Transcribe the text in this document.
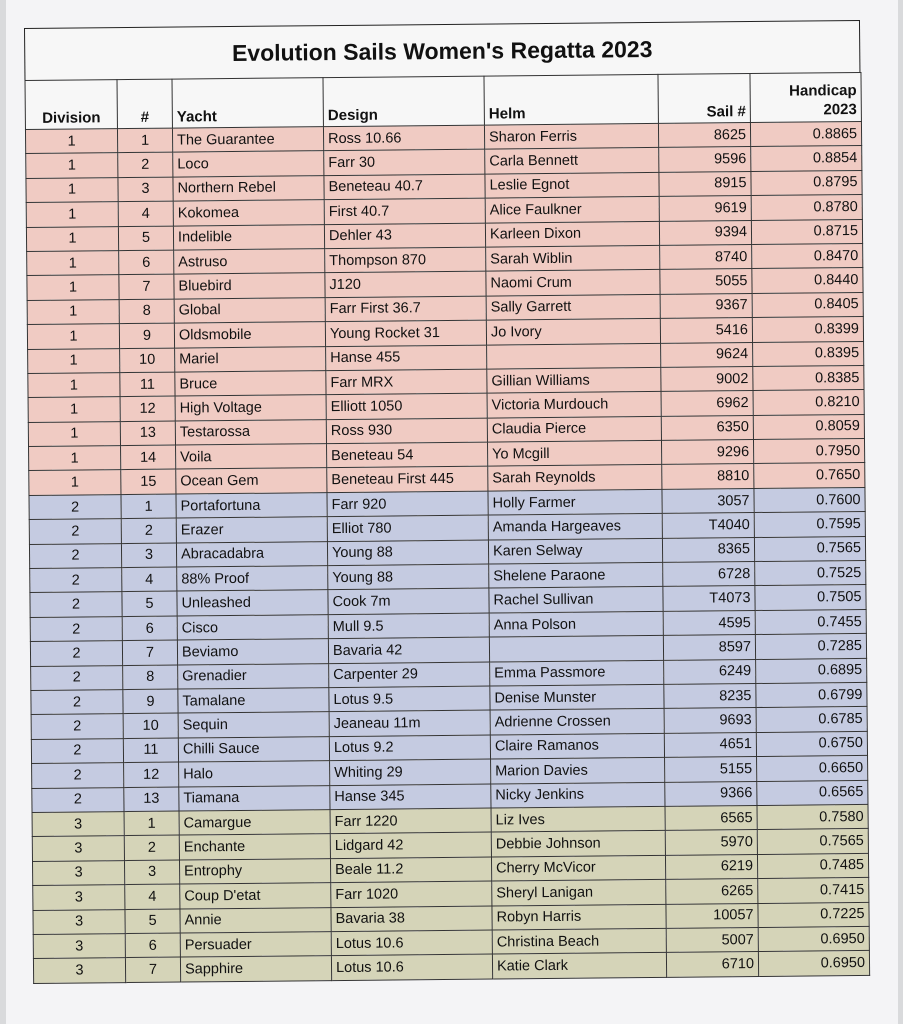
Evolution Sails Women's Regatta 2023
Division	#	Yacht	Design	Helm	Sail #	Handicap
2023
1	1	The Guarantee	Ross 10.66	Sharon Ferris	8625	0.8865
1	2	Loco	Farr 30	Carla Bennett	9596	0.8854
1	3	Northern Rebel	Beneteau 40.7	Leslie Egnot	8915	0.8795
1	4	Kokomea	First 40.7	Alice Faulkner	9619	0.8780
1	5	Indelible	Dehler 43	Karleen Dixon	9394	0.8715
1	6	Astruso	Thompson 870	Sarah Wiblin	8740	0.8470
1	7	Bluebird	J120	Naomi Crum	5055	0.8440
1	8	Global	Farr First 36.7	Sally Garrett	9367	0.8405
1	9	Oldsmobile	Young Rocket 31	Jo Ivory	5416	0.8399
1	10	Mariel	Hanse 455		9624	0.8395
1	11	Bruce	Farr MRX	Gillian Williams	9002	0.8385
1	12	High Voltage	Elliott 1050	Victoria Murdouch	6962	0.8210
1	13	Testarossa	Ross 930	Claudia Pierce	6350	0.8059
1	14	Voila	Beneteau 54	Yo Mcgill	9296	0.7950
1	15	Ocean Gem	Beneteau First 445	Sarah Reynolds	8810	0.7650
2	1	Portafortuna	Farr 920	Holly Farmer	3057	0.7600
2	2	Erazer	Elliot 780	Amanda Hargeaves	T4040	0.7595
2	3	Abracadabra	Young 88	Karen Selway	8365	0.7565
2	4	88% Proof	Young 88	Shelene Paraone	6728	0.7525
2	5	Unleashed	Cook 7m	Rachel Sullivan	T4073	0.7505
2	6	Cisco	Mull 9.5	Anna Polson	4595	0.7455
2	7	Beviamo	Bavaria 42		8597	0.7285
2	8	Grenadier	Carpenter 29	Emma Passmore	6249	0.6895
2	9	Tamalane	Lotus 9.5	Denise Munster	8235	0.6799
2	10	Sequin	Jeaneau 11m	Adrienne Crossen	9693	0.6785
2	11	Chilli Sauce	Lotus 9.2	Claire Ramanos	4651	0.6750
2	12	Halo	Whiting 29	Marion Davies	5155	0.6650
2	13	Tiamana	Hanse 345	Nicky Jenkins	9366	0.6565
3	1	Camargue	Farr 1220	Liz Ives	6565	0.7580
3	2	Enchante	Lidgard 42	Debbie Johnson	5970	0.7565
3	3	Entrophy	Beale 11.2	Cherry McVicor	6219	0.7485
3	4	Coup D'etat	Farr 1020	Sheryl Lanigan	6265	0.7415
3	5	Annie	Bavaria 38	Robyn Harris	10057	0.7225
3	6	Persuader	Lotus 10.6	Christina Beach	5007	0.6950
3	7	Sapphire	Lotus 10.6	Katie Clark	6710	0.6950
